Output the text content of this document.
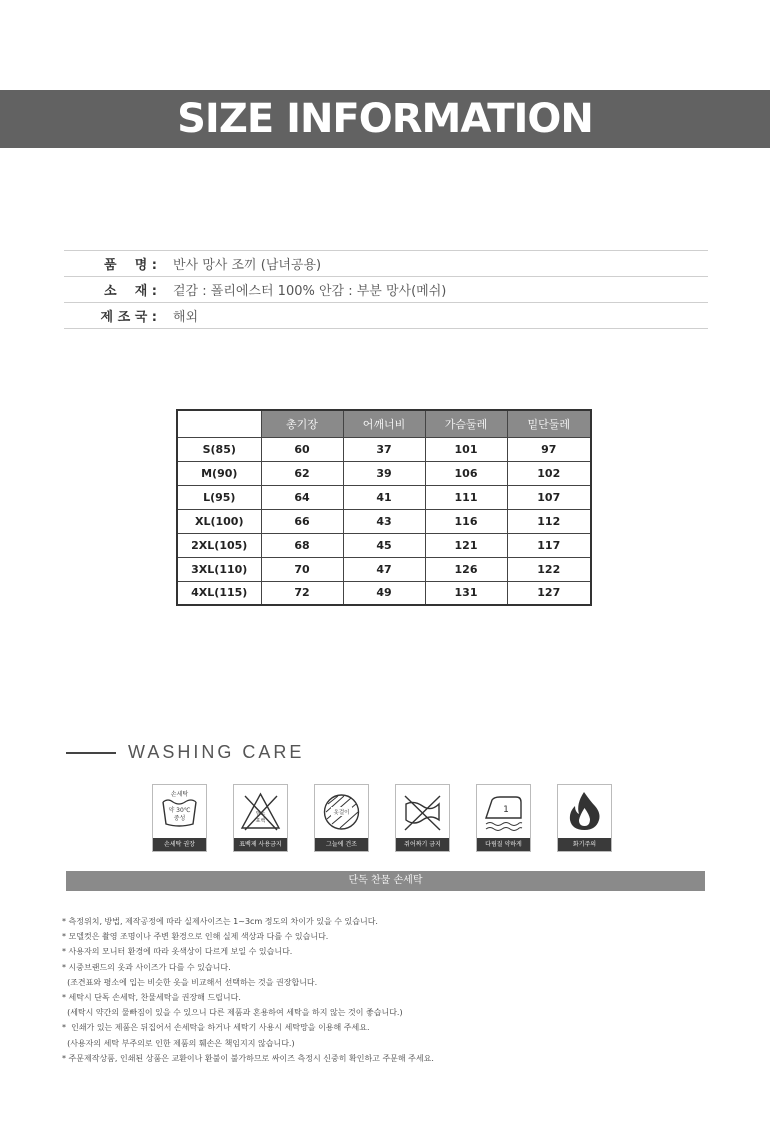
SIZE INFORMATION
품    명 :	반사 망사 조끼 (남녀공용)
소    재 :	겉감 : 폴리에스터 100% 안감 : 부분 망사(메쉬)
제 조 국 :	해외
	총기장	어깨너비	가슴둘레	밑단둘레
S(85)	60	37	101	97
M(90)	62	39	106	102
L(95)	64	41	111	107
XL(100)	66	43	116	112
2XL(105)	68	45	121	117
3XL(110)	70	47	126	122
4XL(115)	72	49	131	127
WASHING CARE
손세탁
약 30℃
중성
손세탁 권장
염소
표백
표백제 사용금지
옷걸이
그늘에 건조	쥐어짜기 금지
1
다림질 약하게	화기주의
단독 찬물 손세탁
* 측정위치, 방법, 제작공정에 따라 실제사이즈는 1~3cm 정도의 차이가 있을 수 있습니다.
* 모델컷은 촬영 조명이나 주변 환경으로 인해 실제 색상과 다를 수 있습니다.
* 사용자의 모니터 환경에 따라 옷색상이 다르게 보일 수 있습니다.
* 시중브랜드의 옷과 사이즈가 다를 수 있습니다.
(조견표와 평소에 입는 비슷한 옷을 비교해서 선택하는 것을 권장합니다.
* 세탁시 단독 손세탁, 찬물세탁을 권장해 드립니다.
(세탁시 약간의 물빠짐이 있을 수 있으니 다른 제품과 혼용하여 세탁을 하지 않는 것이 좋습니다.)
*  인쇄가 있는 제품은 뒤집어서 손세탁을 하거나 세탁기 사용시 세탁망을 이용해 주세요.
(사용자의 세탁 부주의로 인한 제품의 훼손은 책임지지 않습니다.)
* 주문제작상품, 인쇄된 상품은 교환이나 환불이 불가하므로 싸이즈 측정시 신중히 확인하고 주문해 주세요.
